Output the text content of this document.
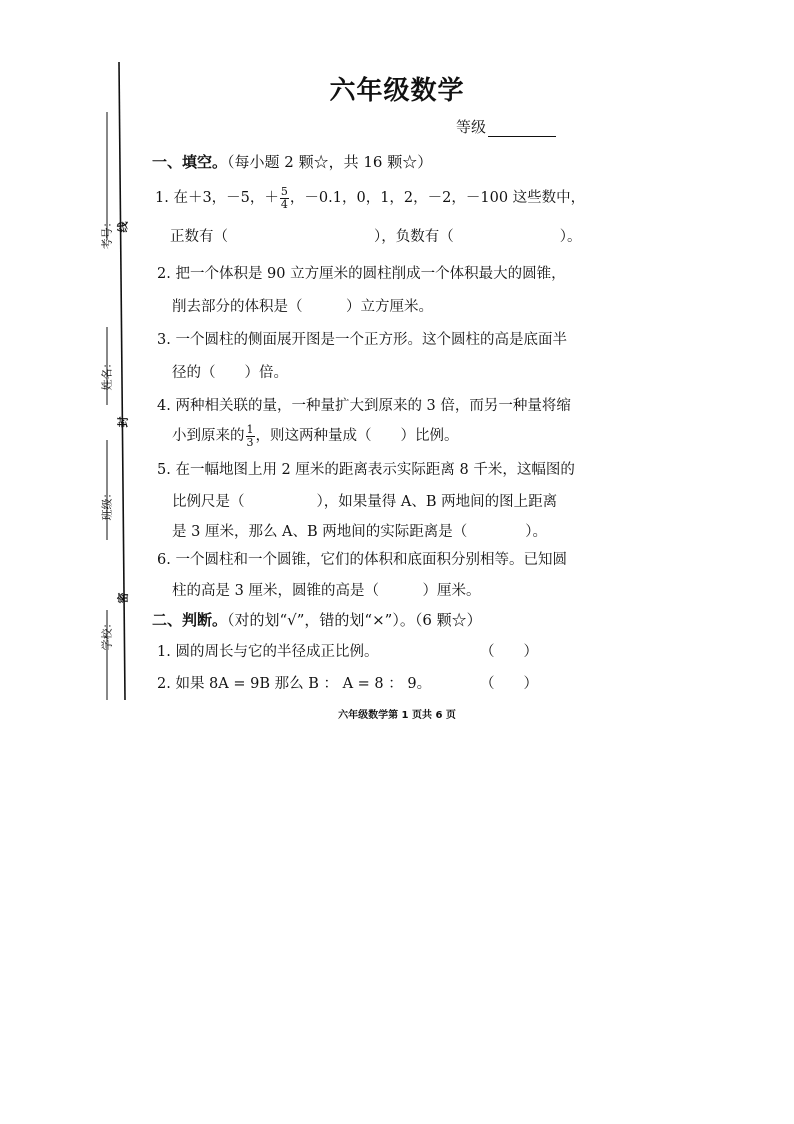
考号：
姓名：
班级：
学校：
线
封
密
六年级数学
等级
一、填空。（每小题 2 颗☆，共 16 颗☆）
1. 在＋3，－5，＋ $\frac{5}{4}$ ，－0.1，0，1，2，－2，－100 这些数中，
正数有（	），负数有（	）。
2. 把一个体积是 90 立方厘米的圆柱削成一个体积最大的圆锥，
削去部分的体积是（　　　）立方厘米。
3. 一个圆柱的侧面展开图是一个正方形。这个圆柱的高是底面半
径的（　　）倍。
4. 两种相关联的量，一种量扩大到原来的 3 倍，而另一种量将缩
小到原来的 $\frac{1}{3}$ ，则这两种量成（　　）比例。
5. 在一幅地图上用 2 厘米的距离表示实际距离 8 千米，这幅图的
比例尺是（	），如果量得 A、B 两地间的图上距离
是 3 厘米，那么 A、B 两地间的实际距离是（	）。
6. 一个圆柱和一个圆锥，它们的体积和底面积分别相等。已知圆
柱的高是 3 厘米，圆锥的高是（　　　）厘米。
二、判断。（对的划“√”，错的划“×”）。（6 颗☆）
1. 圆的周长与它的半径成正比例。	（　　）
2. 如果 8A = 9B 那么 B ： A = 8 ： 9。	（　　）
六年级数学第 1 页共 6 页
